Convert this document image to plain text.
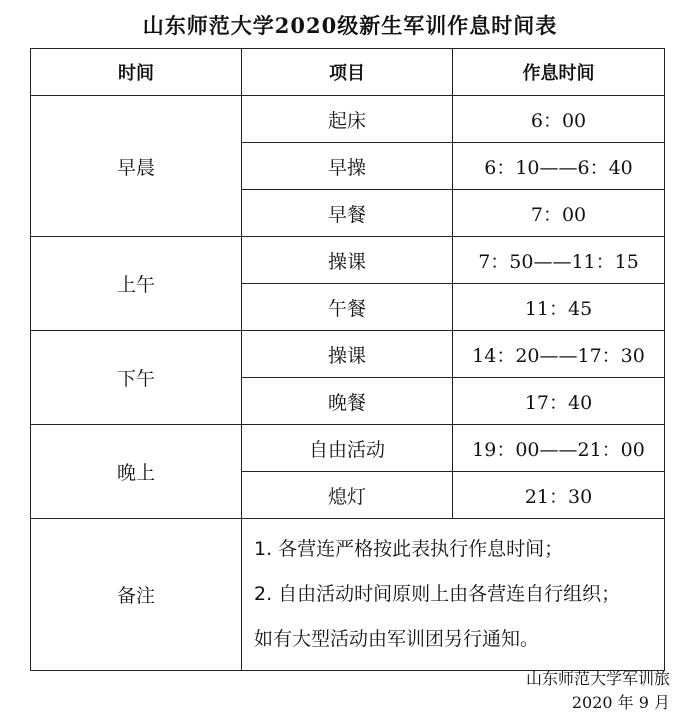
山东师范大学2020级新生军训作息时间表
时间	项目	作息时间
早晨	起床	6：00
	早操	6：10——6：40
	早餐	7：00
上午	操课	7：50——11：15
	午餐	11：45
下午	操课	14：20——17：30
	晚餐	17：40
晚上	自由活动	19：00——21：00
	熄灯	21：30
备注	1. 各营连严格按此表执行作息时间；
2. 自由活动时间原则上由各营连自行组织；
如有大型活动由军训团另行通知。	
山东师范大学军训旅
2020 年 9 月
